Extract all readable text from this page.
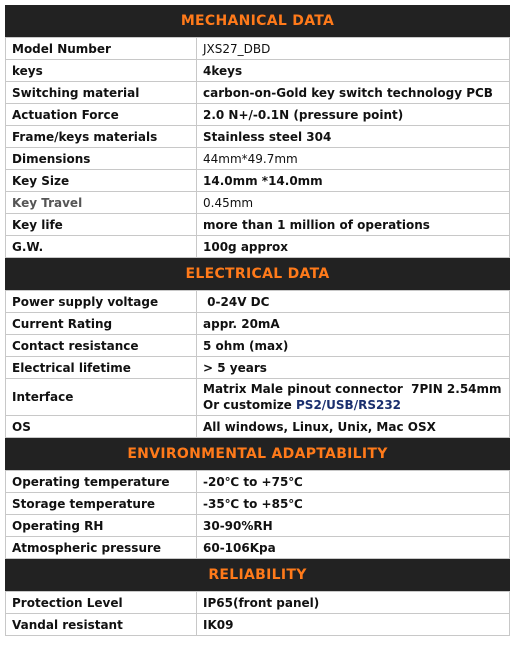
MECHANICAL DATA
Model Number	JXS27_DBD
keys	4keys
Switching material	carbon-on-Gold key switch technology PCB
Actuation Force	2.0 N+/-0.1N (pressure point)
Frame/keys materials	Stainless steel 304
Dimensions	44mm*49.7mm
Key Size	14.0mm *14.0mm
Key Travel	0.45mm
Key life	more than 1 million of operations
G.W.	100g approx
ELECTRICAL DATA
Power supply voltage	0-24V DC
Current Rating	appr. 20mA
Contact resistance	5 ohm (max)
Electrical lifetime	> 5 years
Interface	Matrix Male pinout connector  7PIN 2.54mm
Or customize PS2/USB/RS232

OS	All windows, Linux, Unix, Mac OSX
ENVIRONMENTAL ADAPTABILITY
Operating temperature	-20℃ to +75℃
Storage temperature	-35℃ to +85℃
Operating RH	30-90%RH
Atmospheric pressure	60-106Kpa
RELIABILITY
Protection Level	IP65(front panel)
Vandal resistant	IK09
